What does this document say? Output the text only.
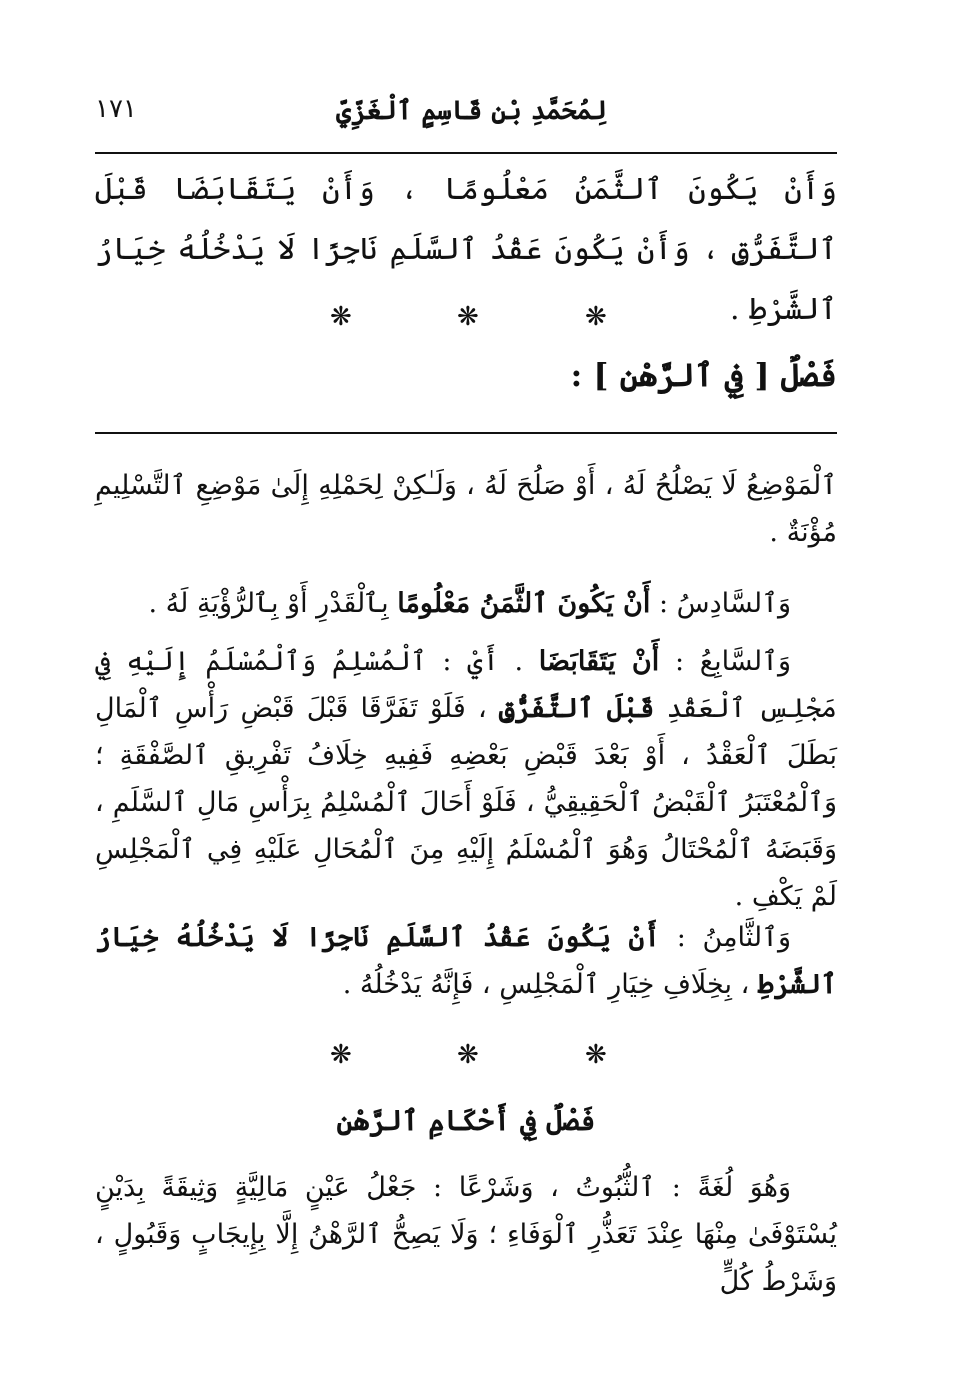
لِمُحَمَّدِ بْنِ قَاسِمٍ ٱلْغَزِّيِّ
١٧١
وَأَنْ يَكُونَ ٱلثَّمَنُ مَعْلُومًا ، وَأَنْ يَتَقَابَضَا قَبْلَ ٱلتَّفَرُّقِ ، وَأَنْ يَكُونَ عَقْدُ ٱلسَّلَمِ نَاجِزًا لَا يَدْخُلُهُ خِيَارُ ٱلشَّرْطِ .
❋	❋	❋
فَصْلٌ [ فِي ٱلرَّهْنِ ] :

ٱلْمَوْضِعُ لَا يَصْلُحُ لَهُ ، أَوْ صَلُحَ لَهُ ، وَلَـٰكِنْ لِحَمْلِهِ إِلَىٰ مَوْضِعِ ٱلتَّسْلِيمِ مُؤْنَةٌ .

وَٱلسَّادِسُ : أَنْ يَكُونَ ٱلثَّمَنُ مَعْلُومًا بِٱلْقَدْرِ أَوْ بِٱلرُّؤْيَةِ لَهُ .

وَٱلسَّابِعُ : أَنْ يَتَقَابَضَا . أَيْ : ٱلْمُسْلِمُ وَٱلْمُسْلَمُ إِلَيْهِ فِي مَجْلِسِ ٱلْعَقْدِ قَبْلَ ٱلتَّفَرُّقِ ، فَلَوْ تَفَرَّقَا قَبْلَ قَبْضِ رَأْسِ ٱلْمَالِ بَطَلَ ٱلْعَقْدُ ، أَوْ بَعْدَ قَبْضِ بَعْضِهِ فَفِيهِ خِلَافُ تَفْرِيقِ ٱلصَّفْقَةِ ؛ وَٱلْمُعْتَبَرُ ٱلْقَبْضُ ٱلْحَقِيقِيُّ ، فَلَوْ أَحَالَ ٱلْمُسْلِمُ بِرَأْسِ مَالِ ٱلسَّلَمِ ، وَقَبَضَهُ ٱلْمُحْتَالُ وَهُوَ ٱلْمُسْلَمُ إِلَيْهِ مِنَ ٱلْمُحَالِ عَلَيْهِ فِي ٱلْمَجْلِسِ لَمْ يَكْفِ .

وَٱلثَّامِنُ : أَنْ يَكُونَ عَقْدُ ٱلسَّلَمِ نَاجِزًا لَا يَدْخُلُهُ خِيَارُ ٱلشَّرْطِ ، بِخِلَافِ خِيَارِ ٱلْمَجْلِسِ ، فَإِنَّهُ يَدْخُلُهُ .

❋	❋	❋
فَصْلٌ فِي أَحْكَامِ ٱلرَّهْنِ

وَهُوَ لُغَةً : ٱلثُّبُوتُ ، وَشَرْعًا : جَعْلُ عَيْنٍ مَالِيَّةٍ وَثِيقَةً بِدَيْنٍ يُسْتَوْفَىٰ مِنْهَا عِنْدَ تَعَذُّرِ ٱلْوَفَاءِ ؛ وَلَا يَصِحُّ ٱلرَّهْنُ إِلَّا بِإِيجَابٍ وَقَبُولٍ ، وَشَرْطُ كُلٍّ
